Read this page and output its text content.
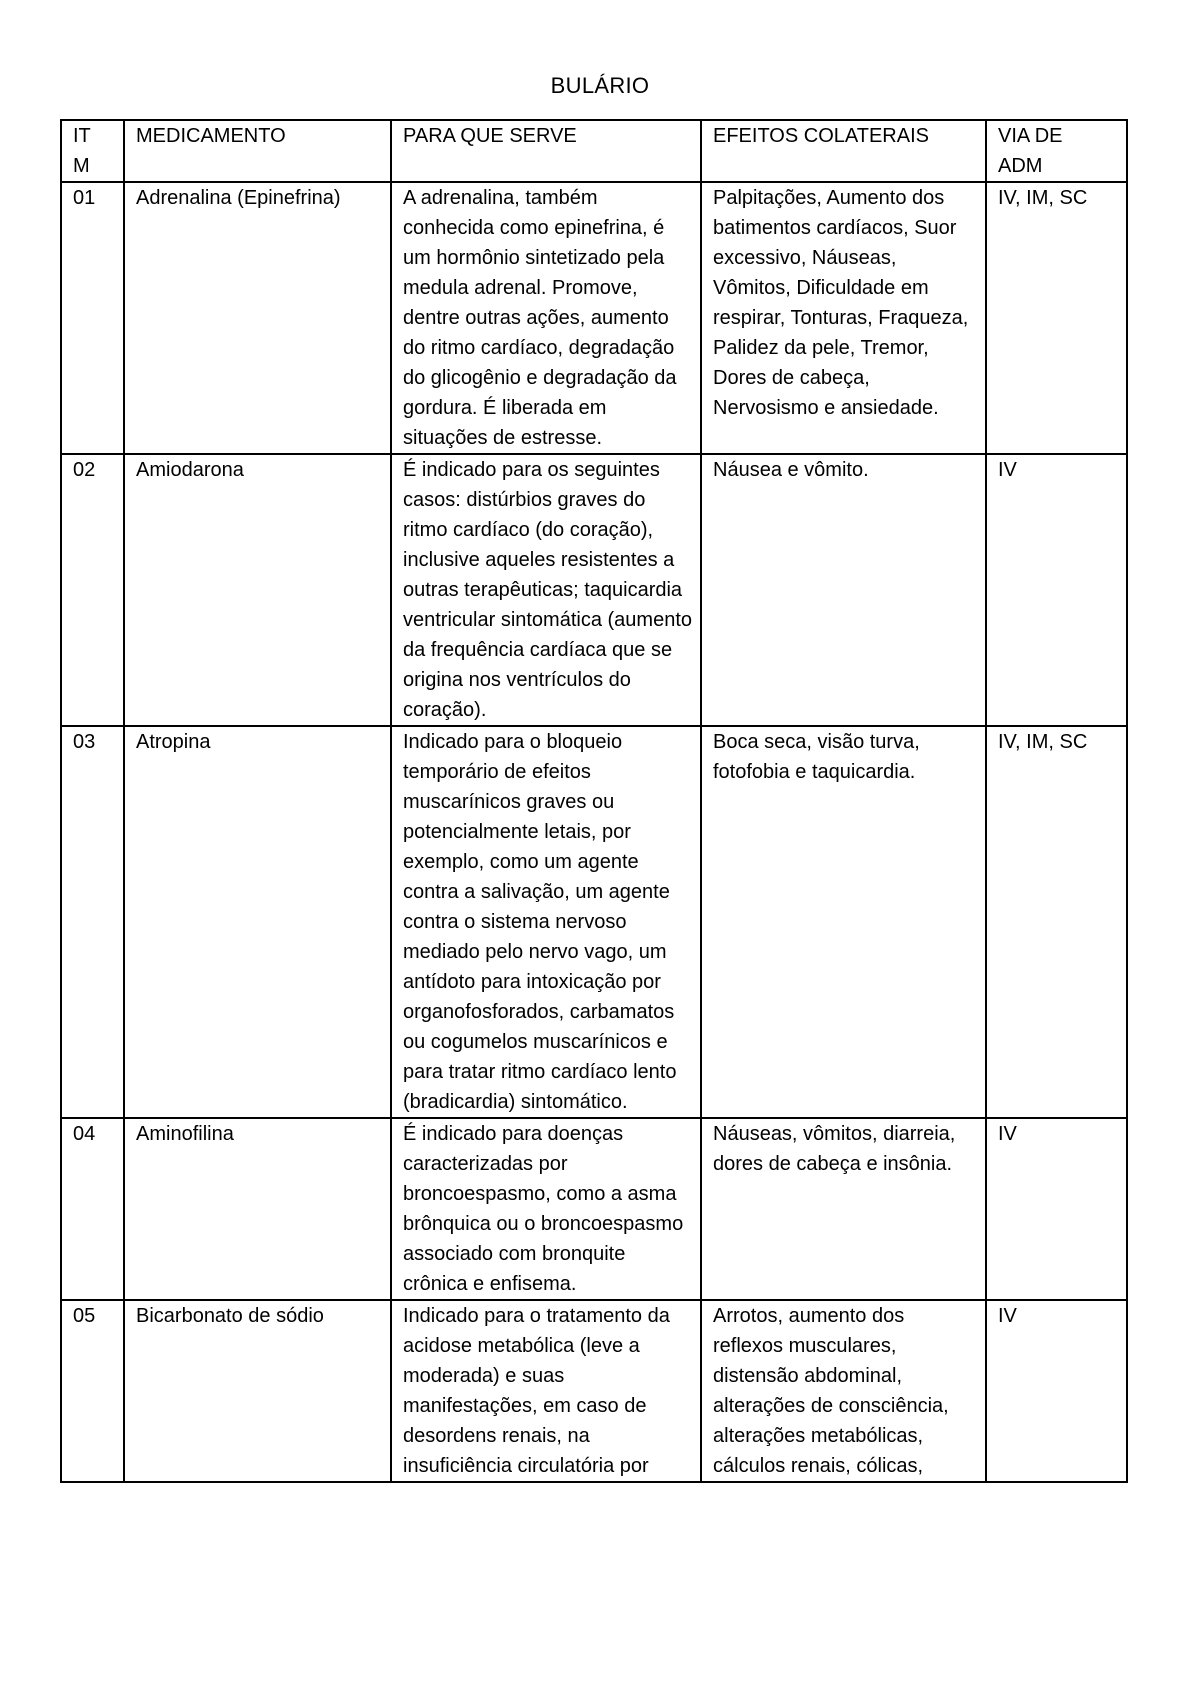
BULÁRIO
ITM	MEDICAMENTO	PARA QUE SERVE	EFEITOS COLATERAIS	VIA DE ADM

01	Adrenalina (Epinefrina)	A adrenalina, também conhecida como epinefrina, é um hormônio sintetizado pela medula adrenal. Promove, dentre outras ações, aumento do ritmo cardíaco, degradação do glicogênio e degradação da gordura. É liberada em situações de estresse.	Palpitações, Aumento dos batimentos cardíacos, Suor excessivo, Náuseas, Vômitos, Dificuldade em respirar, Tonturas, Fraqueza, Palidez da pele, Tremor, Dores de cabeça, Nervosismo e ansiedade.	IV, IM, SC
02	Amiodarona	É indicado para os seguintes casos: distúrbios graves do ritmo cardíaco (do coração), inclusive aqueles resistentes a outras terapêuticas; taquicardia ventricular sintomática (aumento da frequência cardíaca que se origina nos ventrículos do coração).	Náusea e vômito.	IV
03	Atropina	Indicado para o bloqueio temporário de efeitos muscarínicos graves ou potencialmente letais, por exemplo, como um agente contra a salivação, um agente contra o sistema nervoso mediado pelo nervo vago, um antídoto para intoxicação por organofosforados, carbamatos ou cogumelos muscarínicos e para tratar ritmo cardíaco lento (bradicardia) sintomático.	Boca seca, visão turva, fotofobia e taquicardia.	IV, IM, SC
04	Aminofilina	É indicado para doenças caracterizadas por broncoespasmo, como a asma brônquica ou o broncoespasmo associado com bronquite crônica e enfisema.	Náuseas, vômitos, diarreia, dores de cabeça e insônia.	IV
05	Bicarbonato de sódio	Indicado para o tratamento da acidose metabólica (leve a moderada) e suas manifestações, em caso de desordens renais, na insuficiência circulatória por	Arrotos, aumento dos reflexos musculares, distensão abdominal, alterações de consciência, alterações metabólicas, cálculos renais, cólicas,	IV
